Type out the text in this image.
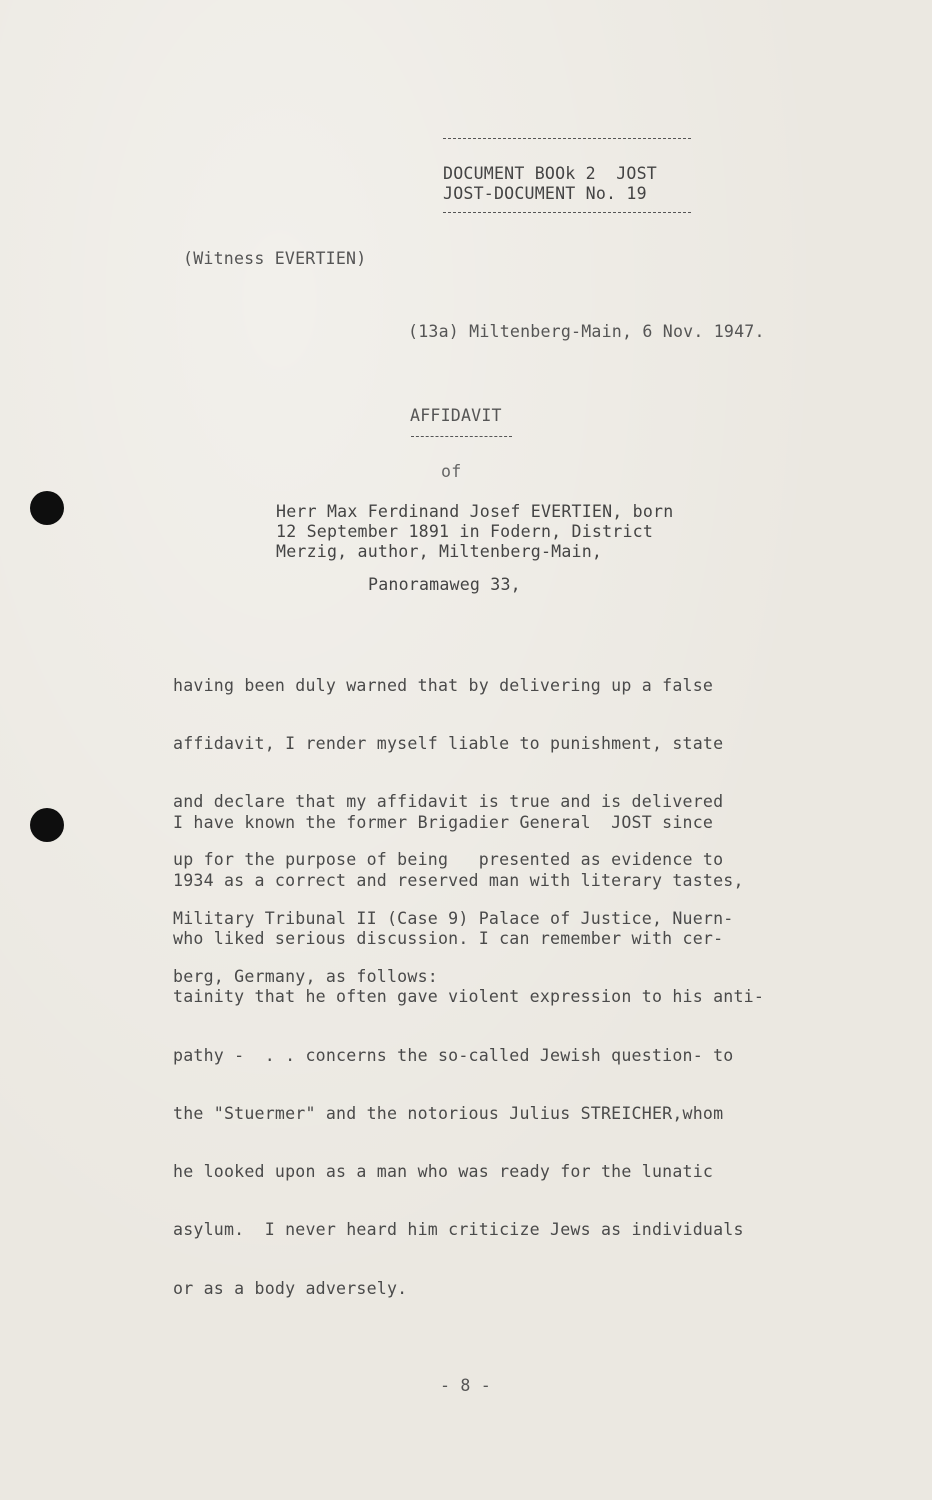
DOCUMENT BOOk 2  JOST
JOST-DOCUMENT No. 19
(Witness EVERTIEN)
(13a) Miltenberg-Main, 6 Nov. 1947.
AFFIDAVIT
of
Herr Max Ferdinand Josef EVERTIEN, born
12 September 1891 in Fodern, District
Merzig, author, Miltenberg-Main,
Panoramaweg 33,

having been duly warned that by delivering up a false

affidavit, I render myself liable to punishment, state

and declare that my affidavit is true and is delivered

up for the purpose of being   presented as evidence to

Military Tribunal II (Case 9) Palace of Justice, Nuern-

berg, Germany, as follows:

I have known the former Brigadier General  JOST since

1934 as a correct and reserved man with literary tastes,

who liked serious discussion. I can remember with cer-

tainity that he often gave violent expression to his anti-

pathy -  . . concerns the so-called Jewish question- to

the "Stuermer" and the notorious Julius STREICHER,whom

he looked upon as a man who was ready for the lunatic

asylum.  I never heard him criticize Jews as individuals

or as a body adversely.

- 8 -
